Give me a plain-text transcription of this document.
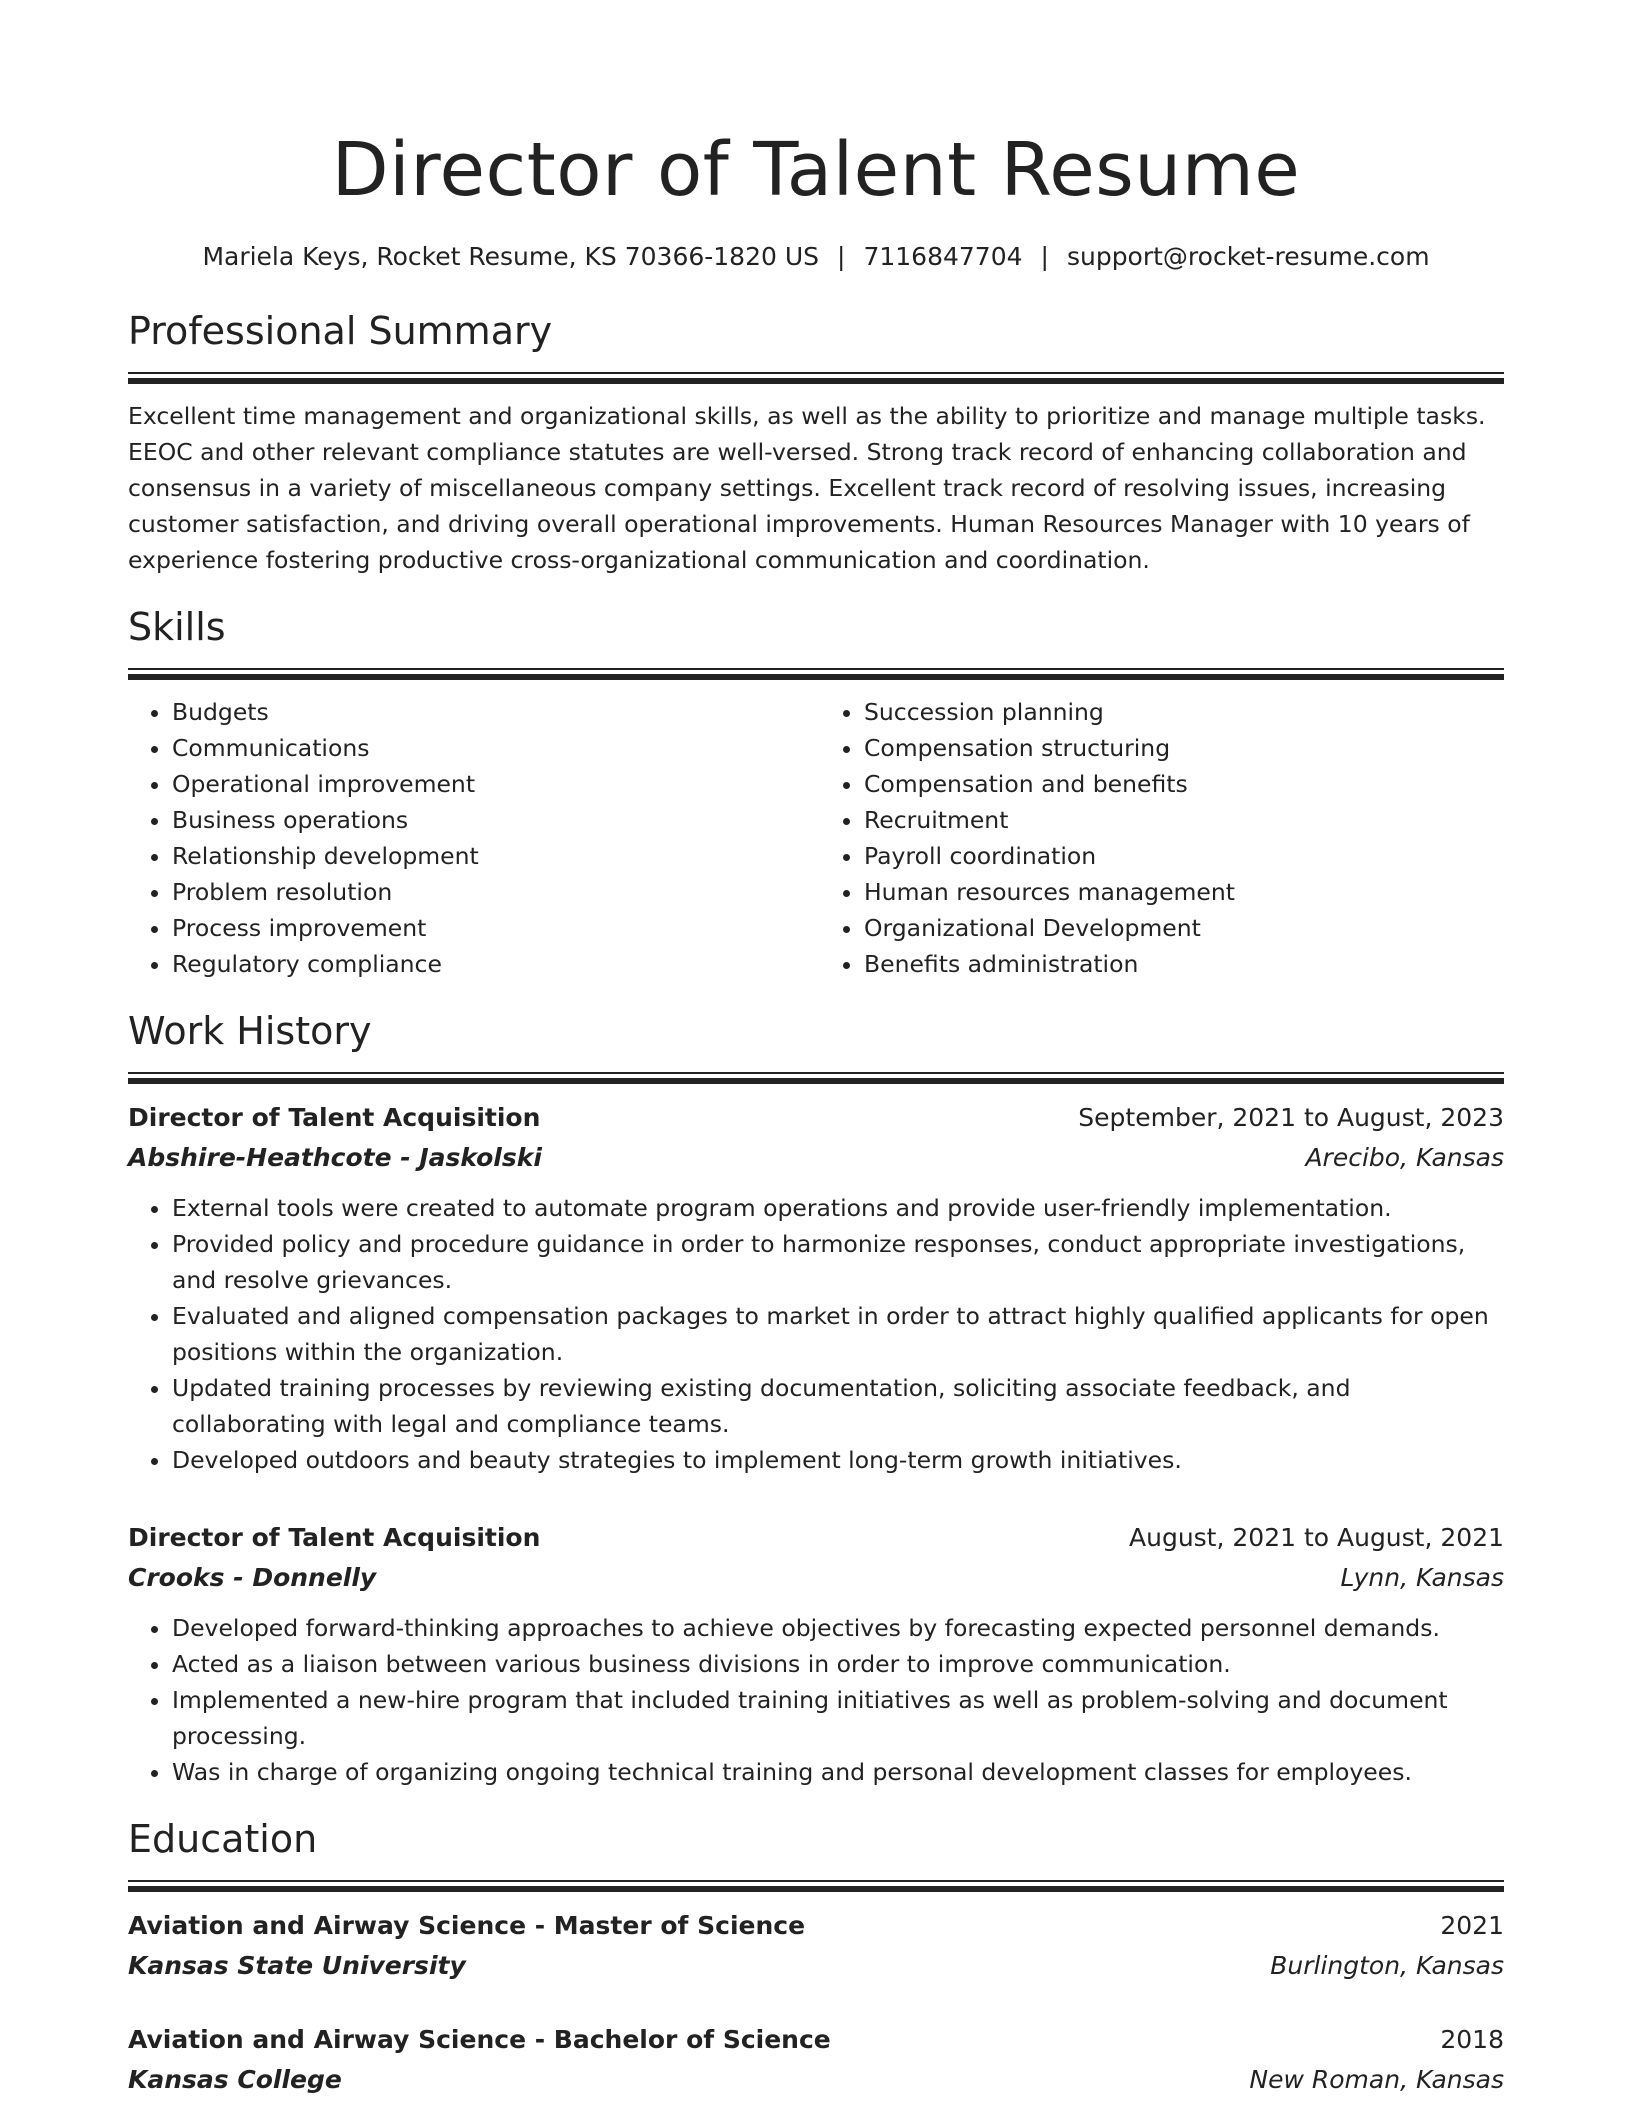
Director of Talent Resume
Mariela Keys, Rocket Resume, KS 70366-1820 US | 7116847704 | support@rocket-resume.com
Professional Summary

Excellent time management and organizational skills, as well as the ability to prioritize and manage multiple tasks. EEOC and other relevant compliance statutes are well-versed. Strong track record of enhancing collaboration and consensus in a variety of miscellaneous company settings. Excellent track record of resolving issues, increasing customer satisfaction, and driving overall operational improvements. Human Resources Manager with 10 years of experience fostering productive cross-organizational communication and coordination.

Skills
• Budgets
• Communications
• Operational improvement
• Business operations
• Relationship development
• Problem resolution
• Process improvement
• Regulatory compliance
• Succession planning
• Compensation structuring
• Compensation and benefits
• Recruitment
• Payroll coordination
• Human resources management
• Organizational Development
• Benefits administration
Work History
Director of Talent Acquisition	September, 2021 to August, 2023
Abshire-Heathcote - Jaskolski	Arecibo, Kansas
• External tools were created to automate program operations and provide user-friendly implementation.
• Provided policy and procedure guidance in order to harmonize responses, conduct appropriate investigations, and resolve grievances.
• Evaluated and aligned compensation packages to market in order to attract highly qualified applicants for open positions within the organization.
• Updated training processes by reviewing existing documentation, soliciting associate feedback, and collaborating with legal and compliance teams.
• Developed outdoors and beauty strategies to implement long-term growth initiatives.
Director of Talent Acquisition	August, 2021 to August, 2021
Crooks - Donnelly	Lynn, Kansas
• Developed forward-thinking approaches to achieve objectives by forecasting expected personnel demands.
• Acted as a liaison between various business divisions in order to improve communication.
• Implemented a new-hire program that included training initiatives as well as problem-solving and document processing.
• Was in charge of organizing ongoing technical training and personal development classes for employees.
Education
Aviation and Airway Science - Master of Science	2021
Kansas State University	Burlington, Kansas
Aviation and Airway Science - Bachelor of Science	2018
Kansas College	New Roman, Kansas
